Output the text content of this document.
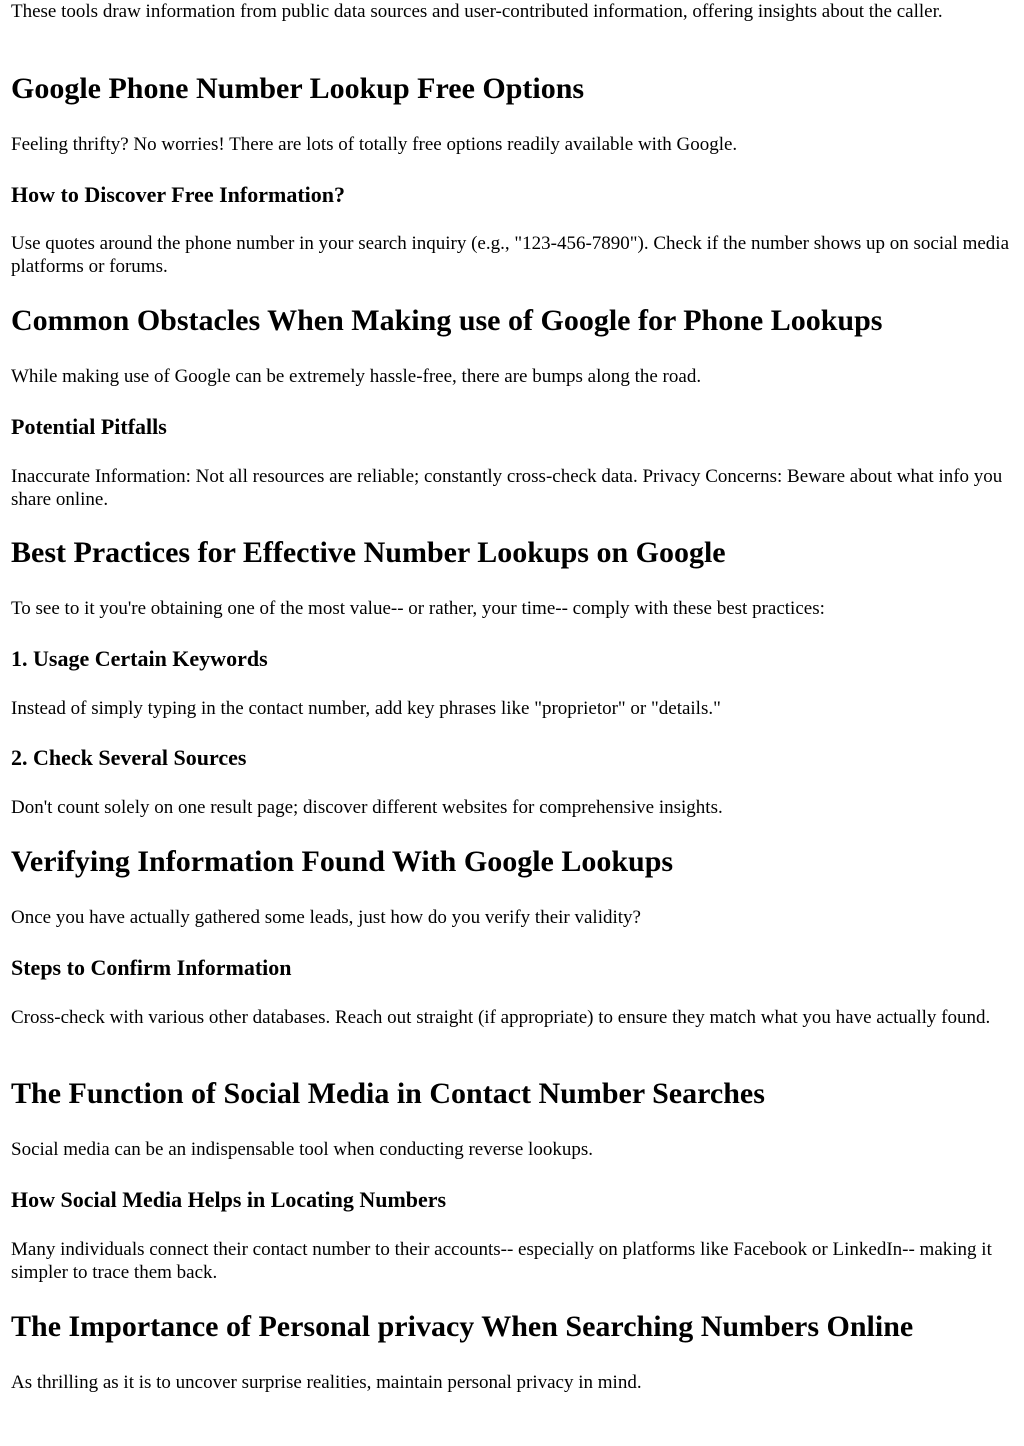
These tools draw information from public data sources and user-contributed information, offering insights about the caller.

Google Phone Number Lookup Free Options

Feeling thrifty? No worries! There are lots of totally free options readily available with Google.

How to Discover Free Information?

Use quotes around the phone number in your search inquiry (e.g., "123-456-7890"). Check if the number shows up on social media platforms or forums.

Common Obstacles When Making use of Google for Phone Lookups

While making use of Google can be extremely hassle-free, there are bumps along the road.

Potential Pitfalls

Inaccurate Information: Not all resources are reliable; constantly cross-check data. Privacy Concerns: Beware about what info you share online.

Best Practices for Effective Number Lookups on Google

To see to it you're obtaining one of the most value-- or rather, your time-- comply with these best practices:

1. Usage Certain Keywords

Instead of simply typing in the contact number, add key phrases like "proprietor" or "details."

2. Check Several Sources

Don't count solely on one result page; discover different websites for comprehensive insights.

Verifying Information Found With Google Lookups

Once you have actually gathered some leads, just how do you verify their validity?

Steps to Confirm Information

Cross-check with various other databases. Reach out straight (if appropriate) to ensure they match what you have actually found.

The Function of Social Media in Contact Number Searches

Social media can be an indispensable tool when conducting reverse lookups.

How Social Media Helps in Locating Numbers

Many individuals connect their contact number to their accounts-- especially on platforms like Facebook or LinkedIn-- making it simpler to trace them back.

The Importance of Personal privacy When Searching Numbers Online

As thrilling as it is to uncover surprise realities, maintain personal privacy in mind.
